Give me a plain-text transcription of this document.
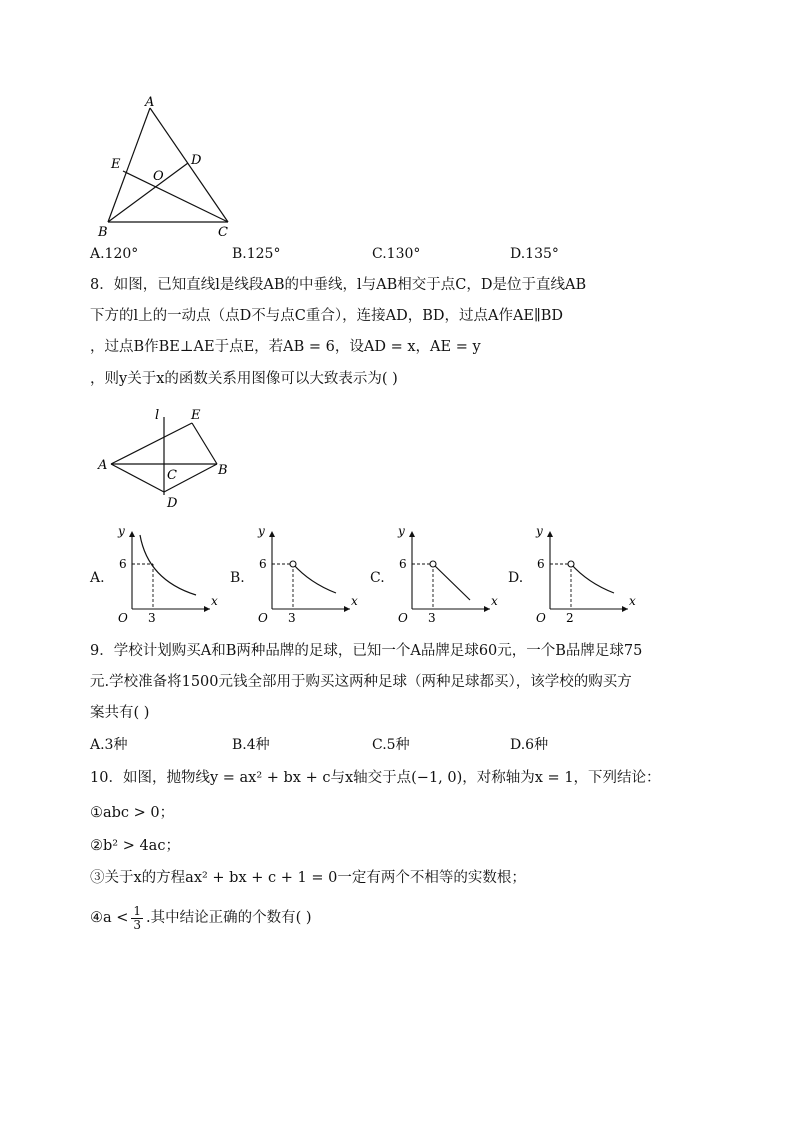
A
E	D
O
B	C
A.120°	B.125°	C.130°	D.135°
8．如图，已知直线l是线段AB的中垂线，l与AB相交于点C，D是位于直线AB
下方的l上的一动点（点D不与点C重合），连接AD，BD，过点A作AE∥BD
，过点B作BE⊥AE于点E，若AB = 6，设AD = x，AE = y
，则y关于x的函数关系用图像可以大致表示为( )
l E
A
C	B
D
A.
y
x
O
6
3
B.
y
x
O
6
3
C.
y
x
O
6
3
D.
y
x
O
6
2
9．学校计划购买A和B两种品牌的足球，已知一个A品牌足球60元，一个B品牌足球75
元.学校准备将1500元钱全部用于购买这两种足球（两种足球都买），该学校的购买方
案共有( )
A.3种	B.4种	C.5种	D.6种
10．如图，抛物线y = ax² + bx + c与x轴交于点(−1, 0)，对称轴为x = 1，下列结论：
①abc > 0；
②b² > 4ac；
③关于x的方程ax² + bx + c + 1 = 0一定有两个不相等的实数根；
④a < $\frac{1}{3}$ .其中结论正确的个数有( )
